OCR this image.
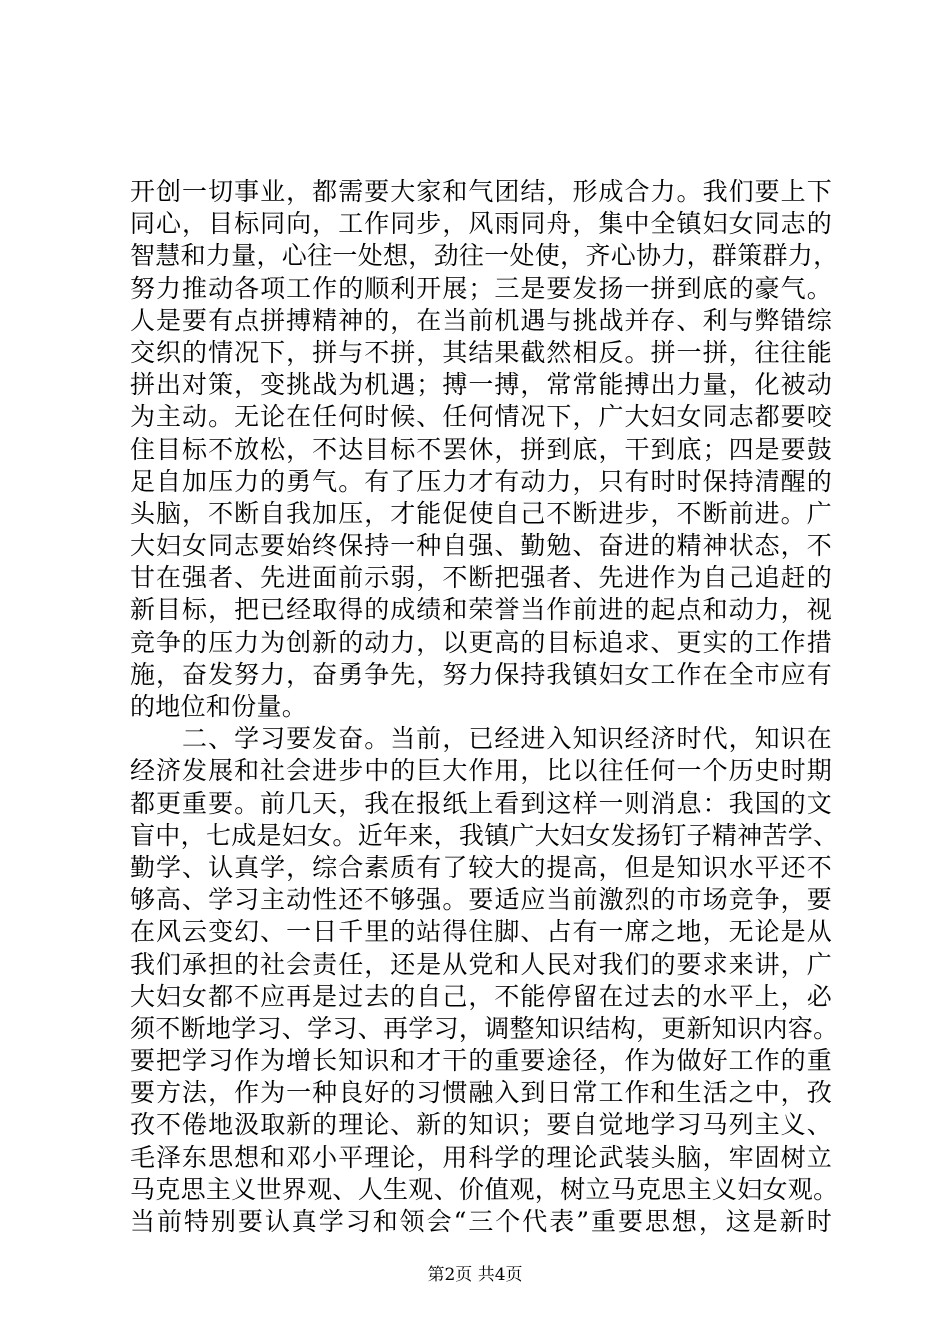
开创一切事业，都需要大家和气团结，形成合力。我们要上下
同心，目标同向，工作同步，风雨同舟，集中全镇妇女同志的
智慧和力量，心往一处想，劲往一处使，齐心协力，群策群力，
努力推动各项工作的顺利开展；三是要发扬一拼到底的豪气。
人是要有点拼搏精神的，在当前机遇与挑战并存、利与弊错综
交织的情况下，拼与不拼，其结果截然相反。拼一拼，往往能
拼出对策，变挑战为机遇；搏一搏，常常能搏出力量，化被动
为主动。无论在任何时候、任何情况下，广大妇女同志都要咬
住目标不放松，不达目标不罢休，拼到底，干到底；四是要鼓
足自加压力的勇气。有了压力才有动力，只有时时保持清醒的
头脑，不断自我加压，才能促使自己不断进步，不断前进。广
大妇女同志要始终保持一种自强、勤勉、奋进的精神状态，不
甘在强者、先进面前示弱，不断把强者、先进作为自己追赶的
新目标，把已经取得的成绩和荣誉当作前进的起点和动力，视
竞争的压力为创新的动力，以更高的目标追求、更实的工作措
施，奋发努力，奋勇争先，努力保持我镇妇女工作在全市应有
的地位和份量。
　　二、学习要发奋。当前，已经进入知识经济时代，知识在
经济发展和社会进步中的巨大作用，比以往任何一个历史时期
都更重要。前几天，我在报纸上看到这样一则消息：我国的文
盲中，七成是妇女。近年来，我镇广大妇女发扬钉子精神苦学、
勤学、认真学，综合素质有了较大的提高，但是知识水平还不
够高、学习主动性还不够强。要适应当前激烈的市场竞争，要
在风云变幻、一日千里的站得住脚、占有一席之地，无论是从
我们承担的社会责任，还是从党和人民对我们的要求来讲，广
大妇女都不应再是过去的自己，不能停留在过去的水平上，必
须不断地学习、学习、再学习，调整知识结构，更新知识内容。
要把学习作为增长知识和才干的重要途径，作为做好工作的重
要方法，作为一种良好的习惯融入到日常工作和生活之中，孜
孜不倦地汲取新的理论、新的知识；要自觉地学习马列主义、
毛泽东思想和邓小平理论，用科学的理论武装头脑，牢固树立
马克思主义世界观、人生观、价值观，树立马克思主义妇女观。
当前特别要认真学习和领会“三个代表”重要思想，这是新时
第2页 共4页
